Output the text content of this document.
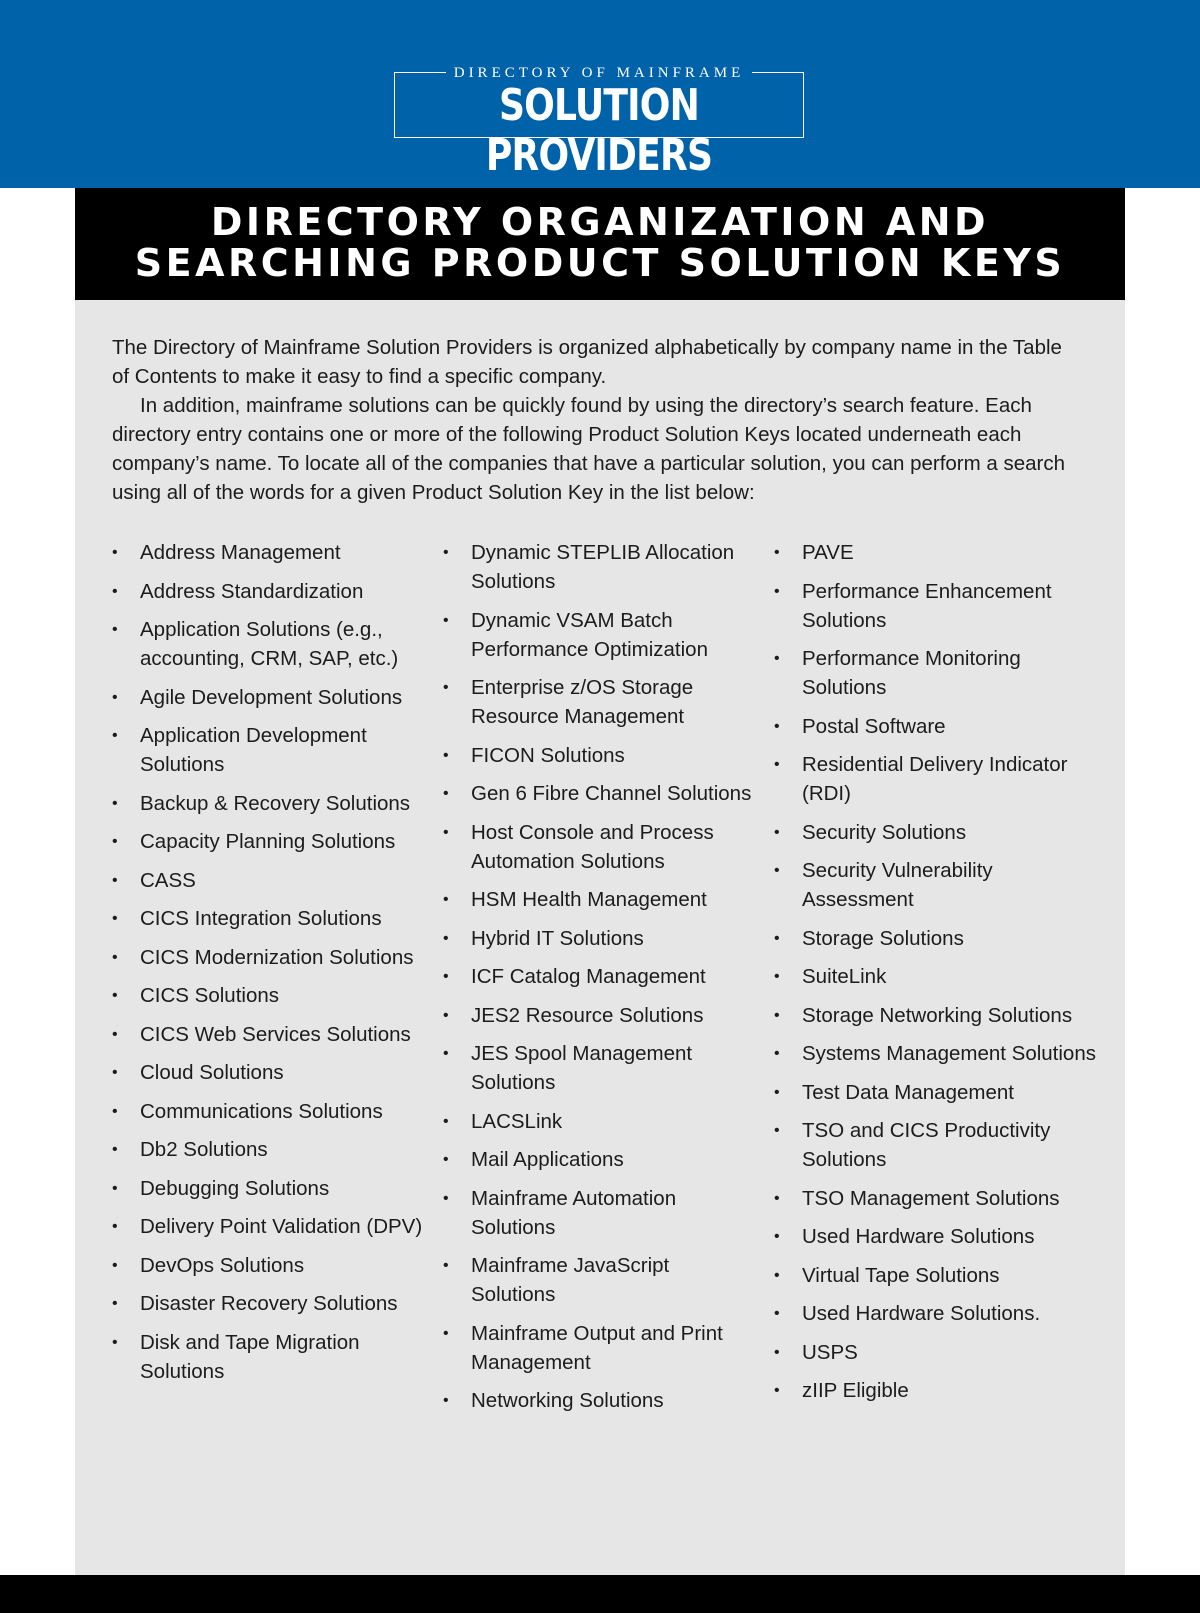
DIRECTORY OF MAINFRAME
SOLUTION PROVIDERS
DIRECTORY ORGANIZATION AND
SEARCHING PRODUCT SOLUTION KEYS

The Directory of Mainframe Solution Providers is organized alphabetically by company name in the Table of Contents to make it easy to find a specific company.

In addition, mainframe solutions can be quickly found by using the directory’s search feature. Each directory entry contains one or more of the following Product Solution Keys located underneath each company’s name. To locate all of the companies that have a particular solution, you can perform a search using all of the words for a given Product Solution Key in the list below:

• Address Management
• Address Standardization
• Application Solutions (e.g., accounting, CRM, SAP, etc.)
• Agile Development Solutions
• Application Development Solutions
• Backup & Recovery Solutions
• Capacity Planning Solutions
• CASS
• CICS Integration Solutions
• CICS Modernization Solutions
• CICS Solutions
• CICS Web Services Solutions
• Cloud Solutions
• Communications Solutions
• Db2 Solutions
• Debugging Solutions
• Delivery Point Validation (DPV)
• DevOps Solutions
• Disaster Recovery Solutions
• Disk and Tape Migration Solutions
• Dynamic STEPLIB Allocation Solutions
• Dynamic VSAM Batch Performance Optimization
• Enterprise z/OS Storage Resource Management
• FICON Solutions
• Gen 6 Fibre Channel Solutions
• Host Console and Process Automation Solutions
• HSM Health Management
• Hybrid IT Solutions
• ICF Catalog Management
• JES2 Resource Solutions
• JES Spool Management Solutions
• LACSLink
• Mail Applications
• Mainframe Automation Solutions
• Mainframe JavaScript Solutions
• Mainframe Output and Print Management
• Networking Solutions
• PAVE
• Performance Enhancement Solutions
• Performance Monitoring Solutions
• Postal Software
• Residential Delivery Indicator (RDI)
• Security Solutions
• Security Vulnerability Assessment
• Storage Solutions
• SuiteLink
• Storage Networking Solutions
• Systems Management Solutions
• Test Data Management
• TSO and CICS Productivity Solutions
• TSO Management Solutions
• Used Hardware Solutions
• Virtual Tape Solutions
• Used Hardware Solutions.
• USPS
• zIIP Eligible
